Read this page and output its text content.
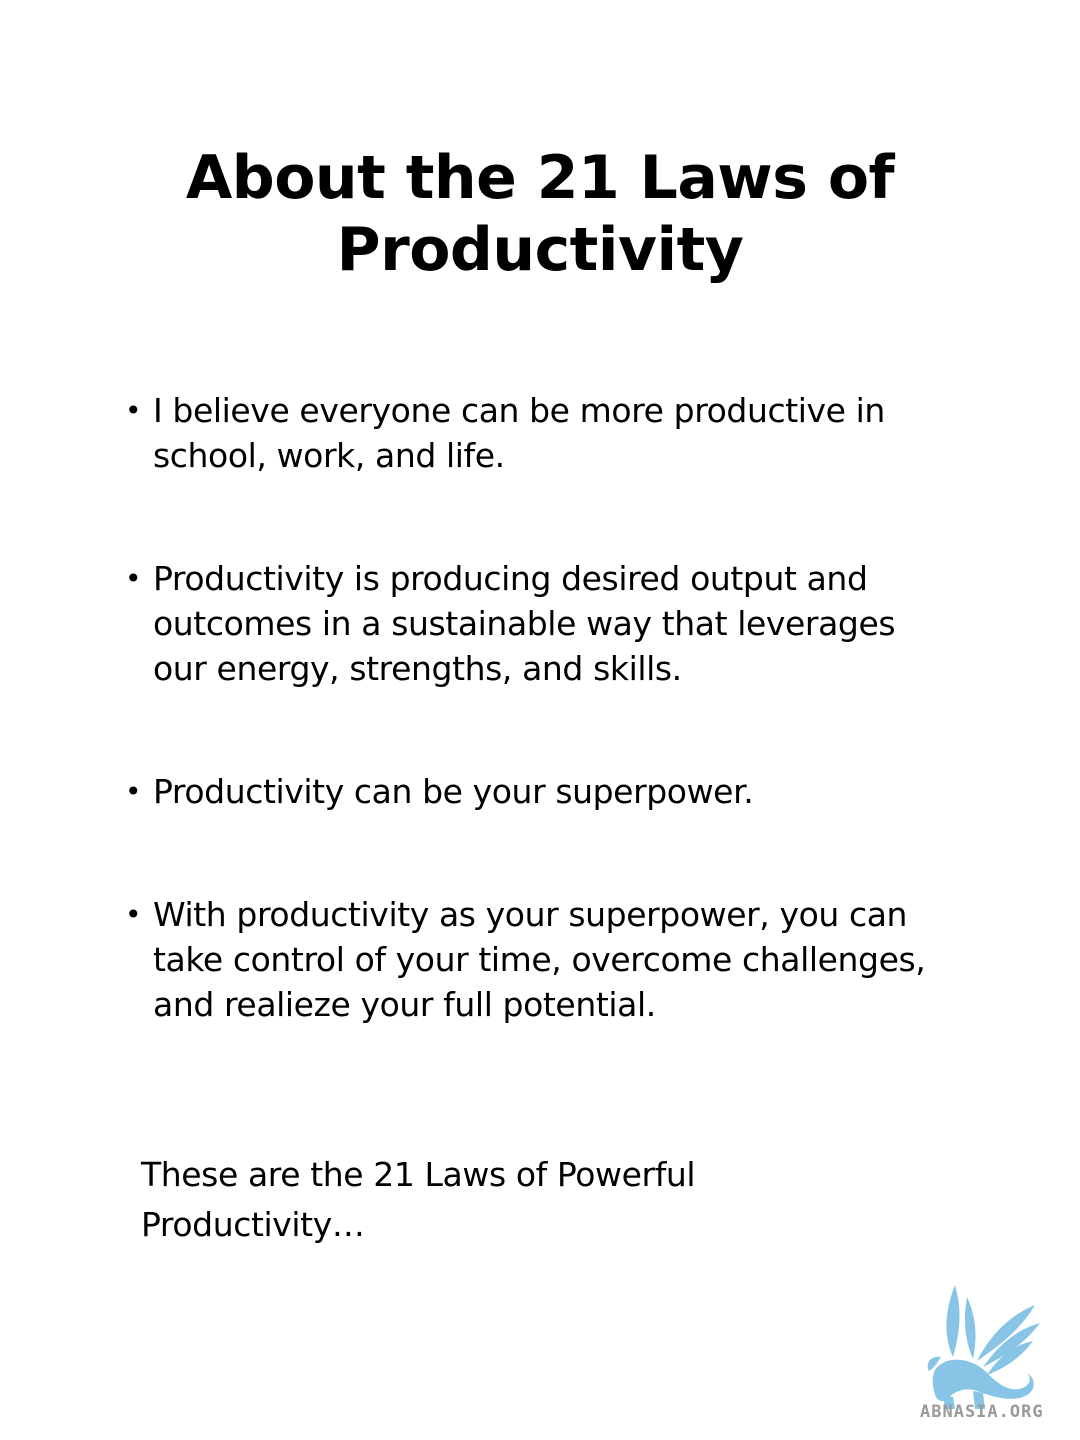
About the 21 Laws of
Productivity
• I believe everyone can be more productive in school, work, and life.
• Productivity is producing desired output and outcomes in a sustainable way that leverages our energy, strengths, and skills.
• Productivity can be your superpower.
• With productivity as your superpower, you can take control of your time, overcome challenges, and realieze your full potential.

These are the 21 Laws of Powerful Productivity…

ABNASIA.ORG
